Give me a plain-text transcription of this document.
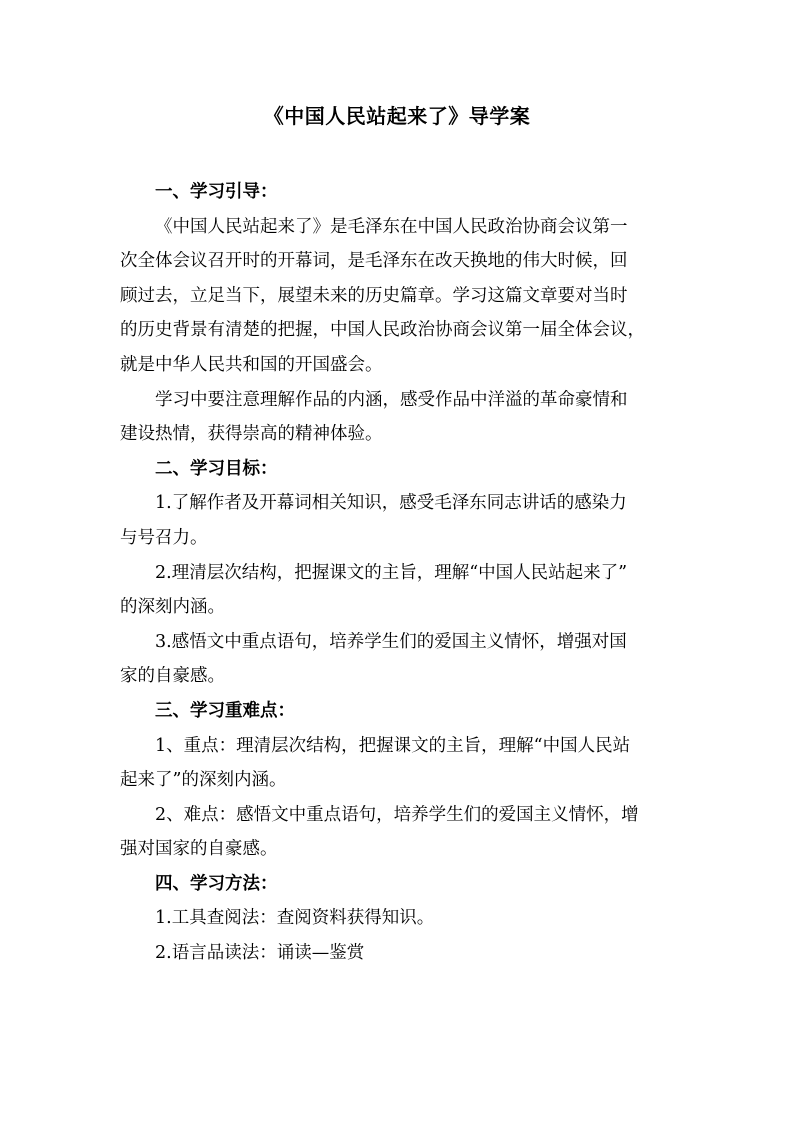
《中国人民站起来了》导学案
一、学习引导：
《中国人民站起来了》是毛泽东在中国人民政治协商会议第一
次全体会议召开时的开幕词，是毛泽东在改天换地的伟大时候，回
顾过去，立足当下，展望未来的历史篇章。学习这篇文章要对当时
的历史背景有清楚的把握，中国人民政治协商会议第一届全体会议，
就是中华人民共和国的开国盛会。
学习中要注意理解作品的内涵，感受作品中洋溢的革命豪情和
建设热情，获得崇高的精神体验。
二、学习目标：
1.了解作者及开幕词相关知识，感受毛泽东同志讲话的感染力
与号召力。
2.理清层次结构，把握课文的主旨，理解“中国人民站起来了”
的深刻内涵。
3.感悟文中重点语句，培养学生们的爱国主义情怀，增强对国
家的自豪感。
三、学习重难点：
1、重点：理清层次结构，把握课文的主旨，理解“中国人民站
起来了”的深刻内涵。
2、难点：感悟文中重点语句，培养学生们的爱国主义情怀，增
强对国家的自豪感。
四、学习方法：
1.工具查阅法：查阅资料获得知识。
2.语言品读法：诵读—鉴赏
